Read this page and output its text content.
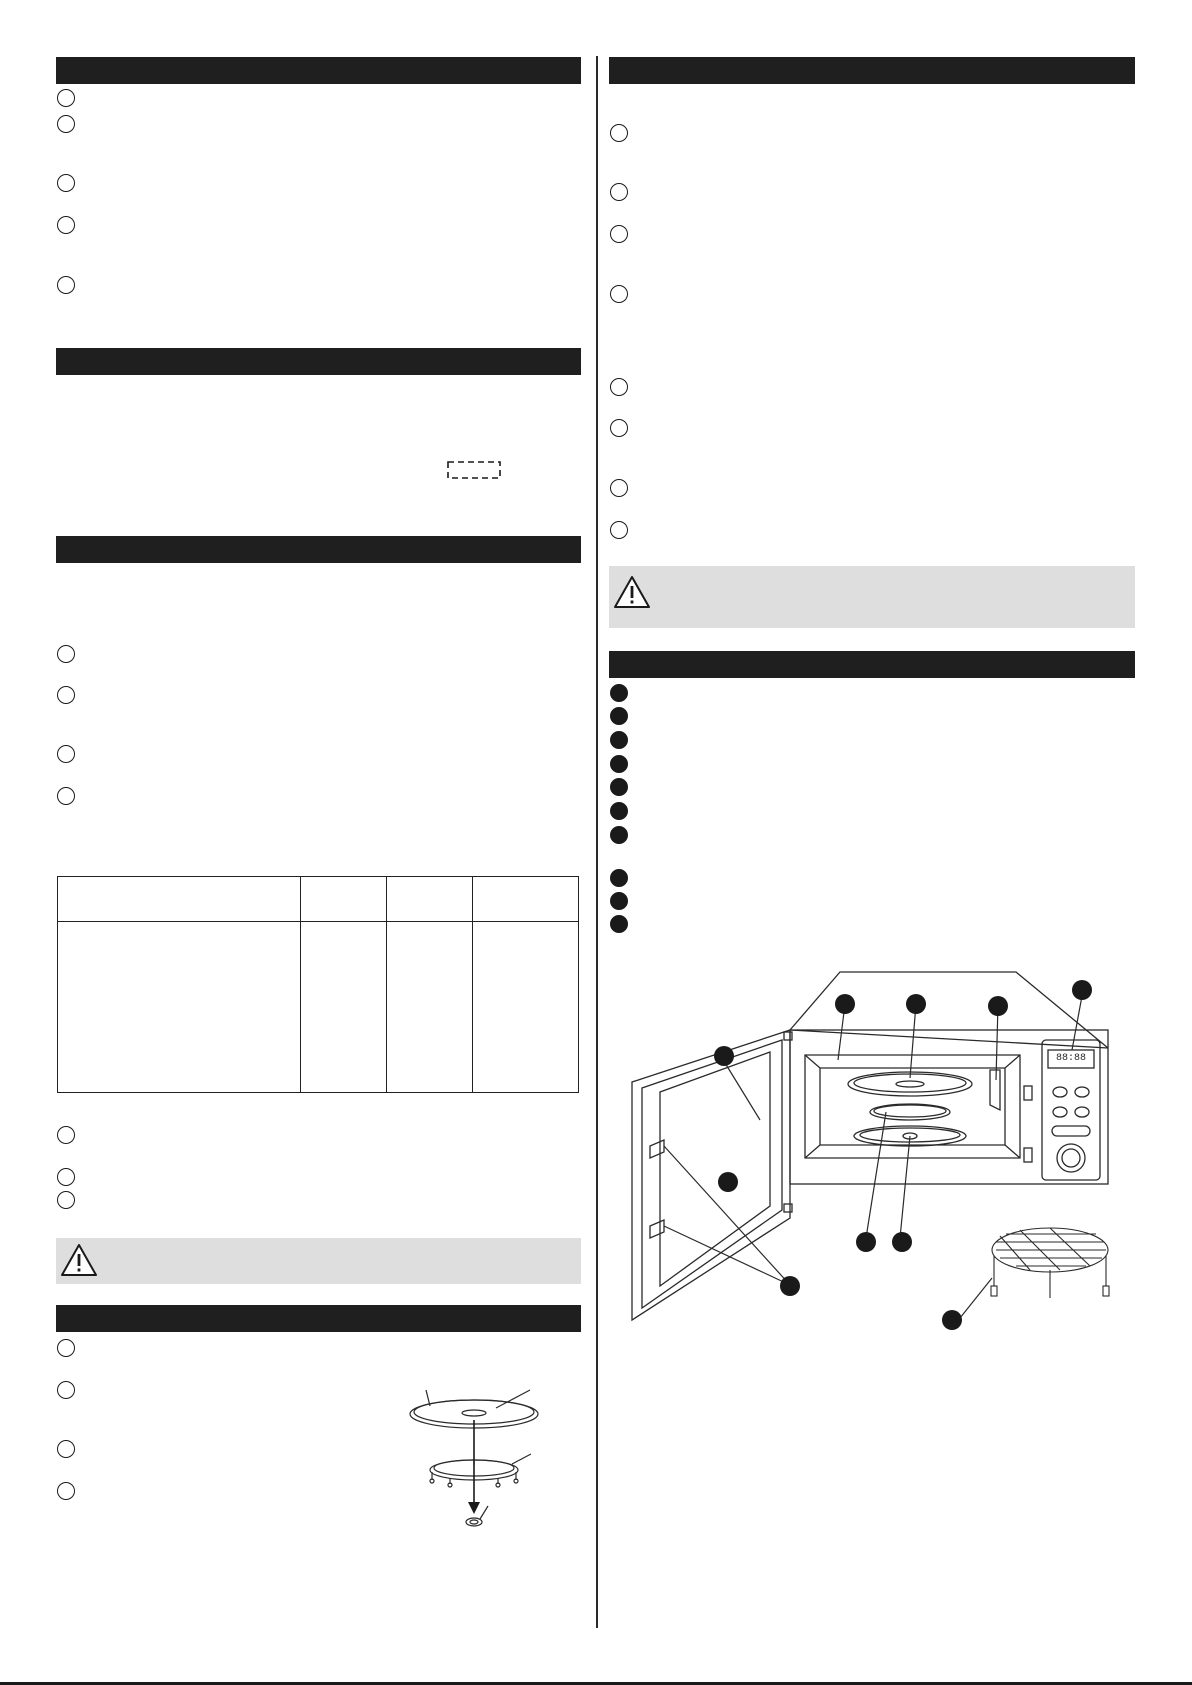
88:88
